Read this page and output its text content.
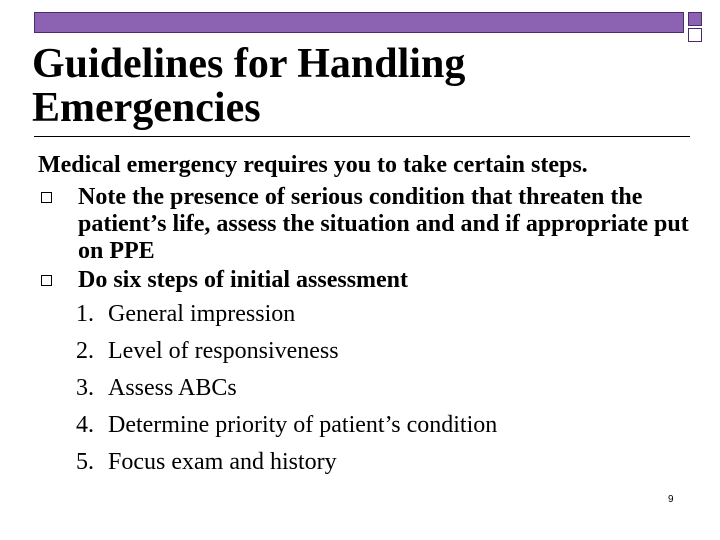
Guidelines for Handling Emergencies
Medical emergency requires you to take certain steps.
Note the presence of serious condition that threaten the patient’s life, assess the situation and and if appropriate put on PPE
Do six steps of initial assessment
1. General impression
2. Level of responsiveness
3. Assess ABCs
4. Determine priority of patient’s condition
5. Focus exam and history
9
